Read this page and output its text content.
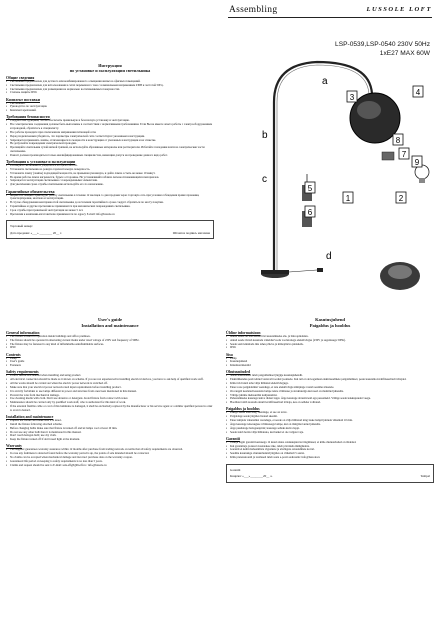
Инструкция
по установке и эксплуатации светильника
Общие сведения
▪ Светильник предназначен для детского или комбинированного освещения жилых и офисных помещений.
▪ Светильник предназначен для использования в сетях переменного тока с номинальным напряжением 230В и частотой 50Гц.
▪ Светильник предназначен для размещения на нормально воспламеняемых поверхностях.
▪ Степень защиты IP20.
Комплект поставки
▪ Светильник.
▪ Руководство по эксплуатации.
▪ Комплект креплений.
Требования безопасности
▪ Следуйте инструкциям, чтобы обеспечить правильную и безопасную установку и эксплуатацию.
▪ Все электрические соединения должны быть выполнены в соответствии с нормативными требованиями. Если Вы не имеете опыта работы с электрооборудованием и проводкой, обратитесь к специалисту.
▪ Все работы проводите при отключенном напряжении питающей сети.
▪ Перед подключением убедитесь, что параметры электрической сети соответствуют указанным в инструкции.
▪ Запрещается применять лампы, отличающиеся по мощности и конструкции от указанных в инструкции и на этикетке.
▪ Не допускайте повреждения электрической проводки.
▪ Прочищайте светильник сухой мягкой тряпкой, не используйте абразивные материалы или растворители. Избегайте попадания влаги на электрические части светильника.
▪ Ремонт должен производиться только квалифицированным специалистом, имеющим допуск на проведение данного вида работ.
Требования к установке и эксплуатации
▪ Распакуйте светильник и убедитесь в его целостности.
▪ Установите светильник на ровную горизонтальную поверхность.
▪ Установите лампу (лампы) подходящей мощности, не превышая указанную, и дайте лампе остыть не менее 10 минут.
▪ Во время работы лампа нагревается, будьте осторожны. Не устанавливайте вблизи легковоспламеняющихся материалов.
▪ Запрещается эксплуатация светильника с поврежденными элементами.
▪ Для увеличения срока службы светильника используйте его по назначению.
Гарантийные обязательства
▪ Фирма-поставщик гарантирует работу светильника в течение 12 месяцев со дня продажи через торговую сеть при условии соблюдения правил хранения, транспортировки, монтажа и эксплуатации.
▪ В случае обнаружения неисправностей светильника до истечения гарантийного срока следует обратиться по месту покупки.
▪ Гарантийные и другие претензии не принимаются при механических повреждениях светильника.
▪ Срок службы при правильной эксплуатации не менее 5 лет.
▪ Претензии к компании-изготовителю принимаются по адресу E-mail: info@lussole.ru
Торговый номер:
Дата продажи: «___» ________ 20__ г.	Штамп и подпись магазина
Assembling	LUSSOLE LOFT
LSP-0539,LSP-0540 230V 50Hz
1xE27 MAX 60W
1	2
3
4
5
6
7
8
9
a
b
c
d
User's guide
Installation and maintenance
General information
▪ The fixture is used for operation inside buildings and office premises.
▪ The fixture should be operated in alternating current mains under rated voltage of 230V and frequency of 50Hz.
▪ The fixture may be fastened to any kind of inflammable-uninflammable surfaces.
▪ IP20
Contents
▪ Lamp
▪ User's guide
▪ Fasteners
Safety requirements
▪ Follow instruction manual when installing and using product.
▪ All electrical connection should be made as it shown on scheme. If you are not experienced in installing electrical devices, you have to ask help of qualified work staff.
▪ All the works should be carried out when the electric power network is switched off.
▪ Make sure that your electrical power network rated input requirements before installing product.
▪ It is strictly forbidden to use lamps different in power and structure from ones been mentioned in this manual.
▪ Prevent the wire from mechanical damage.
▪ Use cleaning media with cloth. Don't use abrasive or detergent. Avoid fixture from contact with water.
▪ Maintenance should be carried only by qualified work staff, who is authorized for this kind of work.
▪ If the external flexible cable or cord of this luminaire is damaged, it shall be exclusively replaced by the manufacturer or his service agent or a similar qualified person in order to avoid a hazard.
Installation and maintenance
▪ Unpack the fixture and make sure it is intact.
▪ Install the fixture following attached scheme.
▪ Before changing bulbs make sure that fixture is turned off and let lamps cool at least 10 min.
▪ Do not use any other bulb than it is mentioned in this manual.
▪ Don't touch halogen bulb; use dry cloth.
▪ Keep the fixture turned off if don't need light at the moment.
Warranty
▪ The supplier guarantees warranty assurance within 12 months after purchase from trading network on terms that all safety requirements are observed.
▪ In case any faultiness is detected found before the warranty period is up, the points of sale intended should be contacted.
▪ No claims can be accepted when mechanical damage and incorrect purchase data on the warranty coupon.
▪ Guaranteed life period on keeping to safety requirements is no less than 5 years.
▪ Claims and request should be sent to E-mail: sale.eff@lg96.eff.ru / info@lussole.ru
Kasutusjuhend
Paigaldus ja hooldus
Üldine informatsioon
▪ Antud seade on ette nähtud töö kasutamiseks elu- ja büroopindades.
▪ Antud seade töötab kasutada vahelduvvoolu voolutoitega elektrivõrgus (230V ja sagedusega 50Hz).
▪ Seade saab kinnitada mis tahes põleva ja mittepõleva pinnaletk.
▪ IP20.
Sisu
▪ Lamp
▪ Kasutusjuhend
▪ Kinnitusvahendid
Ohutusnõuded
▪ Seade kasutamisel tuleb paigaldamisel järgige kasutusjuhendit.
▪ Elektriühendus peab tehtud vastavalt toodud joonisele. Kui teil ei ole kogemusi elektriseadmete paigaldamisel, peate kasutama kvalifitseeritud töötajaid.
▪ Kõik tööd tuleb teha välja lülitatud elektrivõrguga.
▪ Enne toote paigaldamist veenduge, et teie elektrivõrgu nimipinge vastab seadme nõuetele.
▪ On rangelt keelatud kasutada lampe teiste võimsuse ja struktuuriga kui need on mainitud juhendis.
▪ Vältige juhtme mehaanilist kahjustamist.
▪ Puhastamiseks kasutage kuiva riidest lappi. Ärge kasutage abrasiivseid ega pesuaineid. Vältige seade kokkupuudet veega.
▪ Hooldust tohib teostada ainult kvalifitseeritud töötaja, kes on selleks volitatud.
Paigaldus ja hooldus
▪ Pakige seade lahti ning veenduge, et see on terve.
▪ Paigaldage seade järgides lisatud skeemi.
▪ Enne lampide vahetamist veenduge, et seade on välja lülitatud ning laske lampil jahtuda vähemalt 10 min.
▪ Ärge kasutage teisesuguse võimsusega lampe, kui on märgitud antud juhendis.
▪ Ärge puudutage halogeenpirni; kasutage selleks kuiva lappi.
▪ Seade tuleb hoida välja lülitatuna, kui hetkel ei ole valgust vaja.
Garantii
▪ Tarnija tagab garantii kestusega 12 kuud alates ostukuupäevast tingimusel, et kõik ohutusnõuded on täidetud.
▪ Kui garantiiaja jooksul avastatakse rike, tuleb pöörduda müügikohta.
▪ Garantii ei kehti mehaaniliste vigastuste ja ebaõigete ostuandmete korral.
▪ Seadme kasutusiga ohutusnõudeid järgides on vähemalt 5 aastat.
▪ Kõik pretensioonid ja taotlused tuleb saata e-posti aadressile: info@lussole.ru
Garantii
Kuupäev «___»________20__ a.	Tempel
